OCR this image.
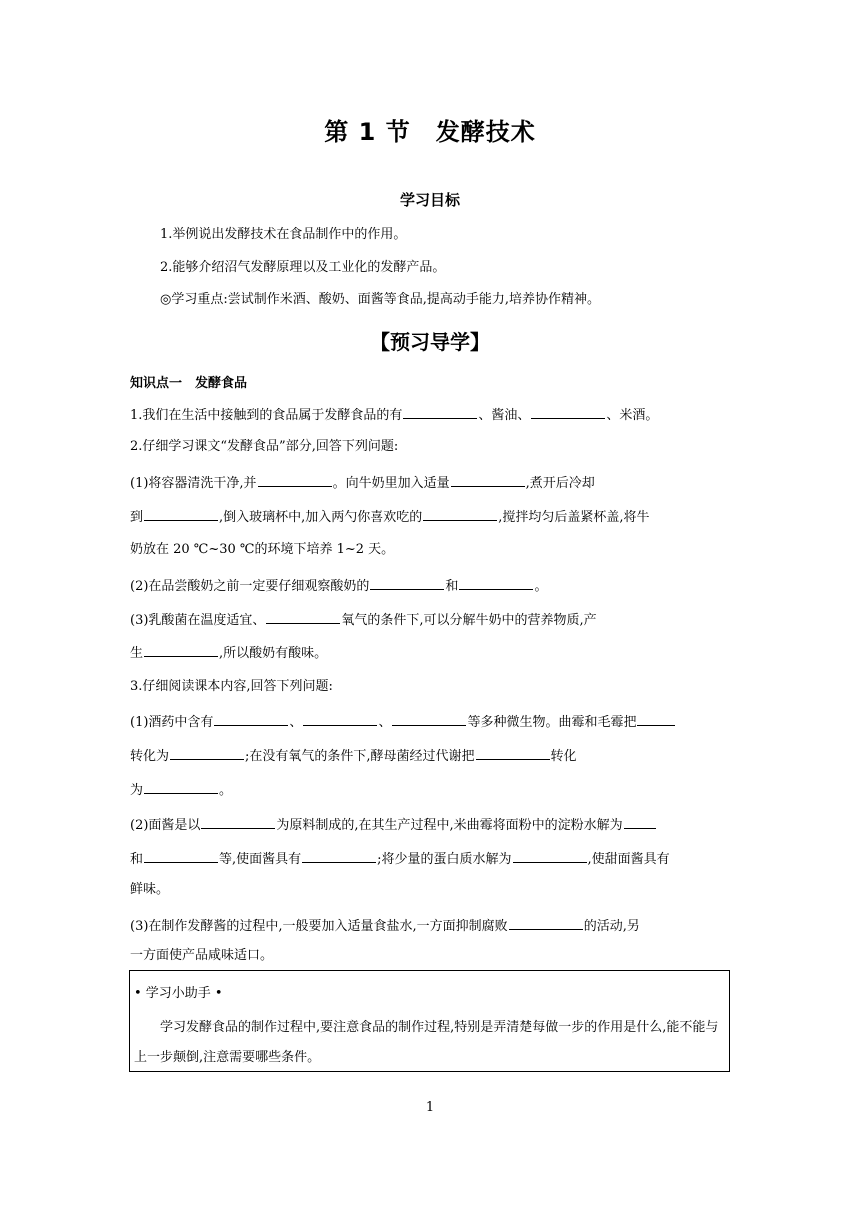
第 1 节　发酵技术
学习目标
1.举例说出发酵技术在食品制作中的作用。
2.能够介绍沼气发酵原理以及工业化的发酵产品。
◎学习重点:尝试制作米酒、酸奶、面酱等食品,提高动手能力,培养协作精神。
【预习导学】
知识点一　发酵食品
1.我们在生活中接触到的食品属于发酵食品的有	、酱油、	、米酒。
2.仔细学习课文“发酵食品”部分,回答下列问题:
(1)将容器清洗干净,并	。向牛奶里加入适量	,煮开后冷却
到	,倒入玻璃杯中,加入两勺你喜欢吃的	,搅拌均匀后盖紧杯盖,将牛
奶放在 20 ℃~30 ℃的环境下培养 1~2 天。
(2)在品尝酸奶之前一定要仔细观察酸奶的	和	。
(3)乳酸菌在温度适宜、	氧气的条件下,可以分解牛奶中的营养物质,产
生	,所以酸奶有酸味。
3.仔细阅读课本内容,回答下列问题:
(1)酒药中含有	、	、	等多种微生物。曲霉和毛霉把
转化为	;在没有氧气的条件下,酵母菌经过代谢把	转化
为	。
(2)面酱是以	为原料制成的,在其生产过程中,米曲霉将面粉中的淀粉水解为
和	等,使面酱具有	;将少量的蛋白质水解为	,使甜面酱具有
鲜味。
(3)在制作发酵酱的过程中,一般要加入适量食盐水,一方面抑制腐败	的活动,另
一方面使产品咸味适口。
• 学习小助手 •
学习发酵食品的制作过程中,要注意食品的制作过程,特别是弄清楚每做一步的作用是什么,能不能与上一步颠倒,注意需要哪些条件。
1
